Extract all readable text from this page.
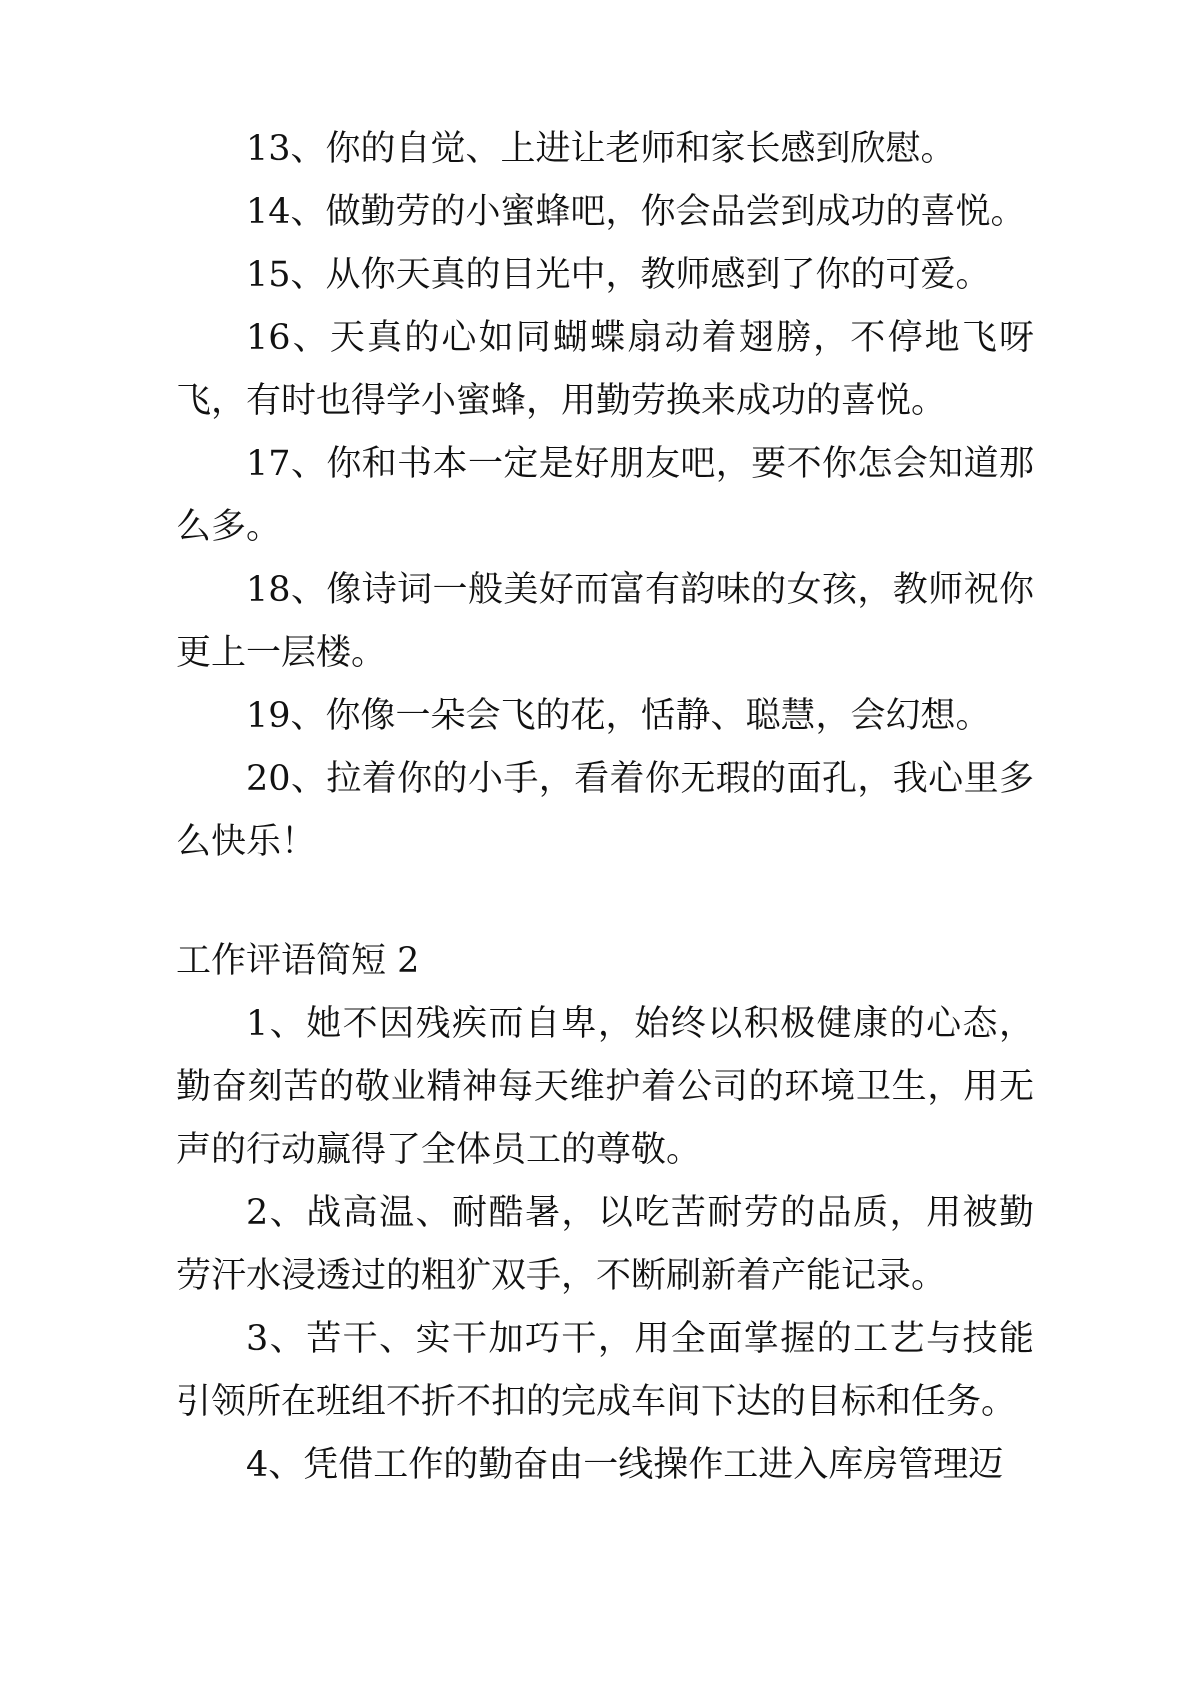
13、你的自觉、上进让老师和家长感到欣慰。

14、做勤劳的小蜜蜂吧，你会品尝到成功的喜悦。

15、从你天真的目光中，教师感到了你的可爱。

16、天真的心如同蝴蝶扇动着翅膀，不停地飞呀飞，有时也得学小蜜蜂，用勤劳换来成功的喜悦。

17、你和书本一定是好朋友吧，要不你怎会知道那么多。

18、像诗词一般美好而富有韵味的女孩，教师祝你更上一层楼。

19、你像一朵会飞的花，恬静、聪慧，会幻想。

20、拉着你的小手，看着你无瑕的面孔，我心里多么快乐！

工作评语简短 2

1、她不因残疾而自卑，始终以积极健康的心态，勤奋刻苦的敬业精神每天维护着公司的环境卫生，用无声的行动赢得了全体员工的尊敬。

2、战高温、耐酷暑，以吃苦耐劳的品质，用被勤劳汗水浸透过的粗犷双手，不断刷新着产能记录。

3、苦干、实干加巧干，用全面掌握的工艺与技能引领所在班组不折不扣的完成车间下达的目标和任务。

4、凭借工作的勤奋由一线操作工进入库房管理迈
